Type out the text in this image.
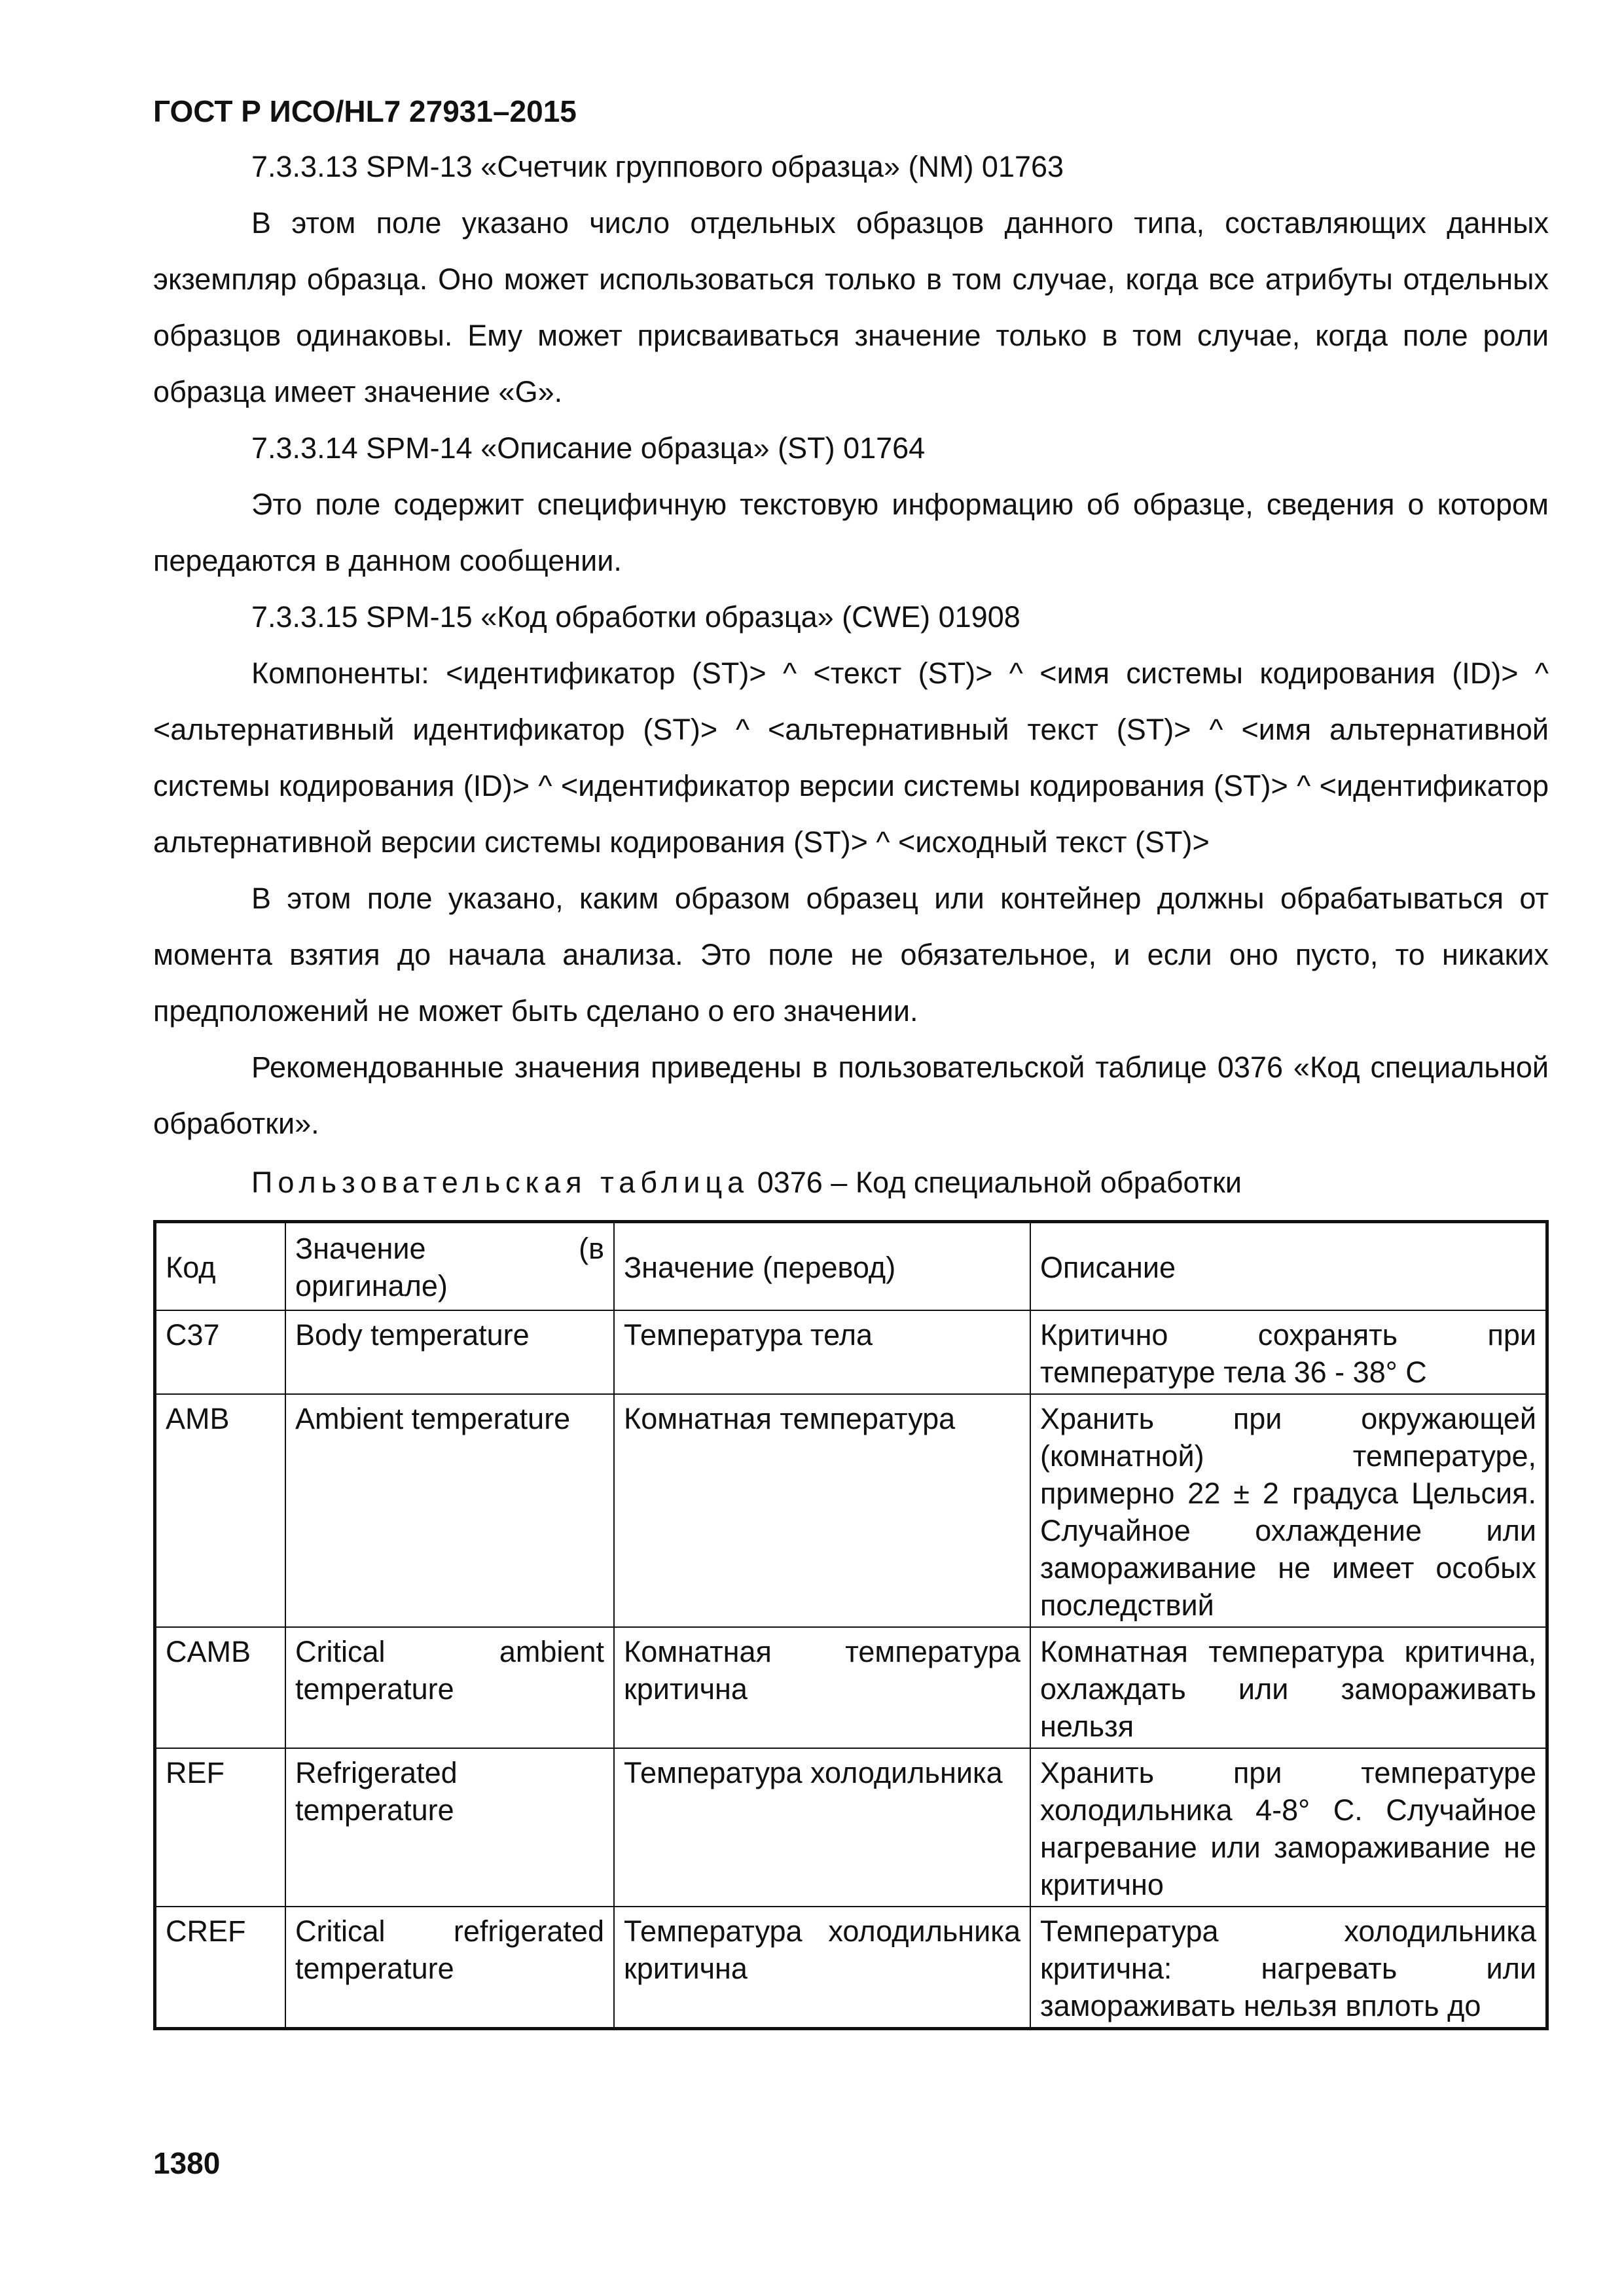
ГОСТ Р ИСО/HL7 27931–2015

7.3.3.13 SPM-13 «Счетчик группового образца» (NM) 01763

В этом поле указано число отдельных образцов данного типа, составляющих данных экземпляр образца. Оно может использоваться только в том случае, когда все атрибуты отдельных образцов одинаковы. Ему может присваиваться значение только в том случае, когда поле роли образца имеет значение «G».

7.3.3.14 SPM-14 «Описание образца» (ST) 01764

Это поле содержит специфичную текстовую информацию об образце, сведения о котором передаются в данном сообщении.

7.3.3.15 SPM-15 «Код обработки образца» (CWE) 01908

Компоненты: <идентификатор (ST)> ^ <текст (ST)> ^ <имя системы кодирования (ID)> ^ <альтернативный идентификатор (ST)> ^ <альтернативный текст (ST)> ^ <имя альтернативной системы кодирования (ID)> ^ <идентификатор версии системы кодирования (ST)> ^ <идентификатор альтернативной версии системы кодирования (ST)> ^ <исходный текст (ST)>

В этом поле указано, каким образом образец или контейнер должны обрабатываться от момента взятия до начала анализа. Это поле не обязательное, и если оно пусто, то никаких предположений не может быть сделано о его значении.

Рекомендованные значения приведены в пользовательской таблице 0376 «Код специальной обработки».

Пользовательская таблица 0376 – Код специальной обработки
Код	Значение (в оригинале)	Значение (перевод)	Описание
C37	Body temperature	Температура тела	Критично сохранять при температуре тела 36 - 38° C
AMB	Ambient temperature	Комнатная температура	Хранить при окружающей (комнатной) температуре, примерно 22 ± 2 градуса Цельсия. Случайное охлаждение или замораживание не имеет особых последствий
CAMB	Critical ambient temperature	Комнатная температура критична	Комнатная температура критична, охлаждать или замораживать нельзя
REF	Refrigerated temperature	Температура холодильника	Хранить при температуре холодильника 4-8° C. Случайное нагревание или замораживание не критично
CREF	Critical refrigerated temperature	Температура холодильника критична	Температура холодильника критична: нагревать или замораживать нельзя вплоть до
1380
